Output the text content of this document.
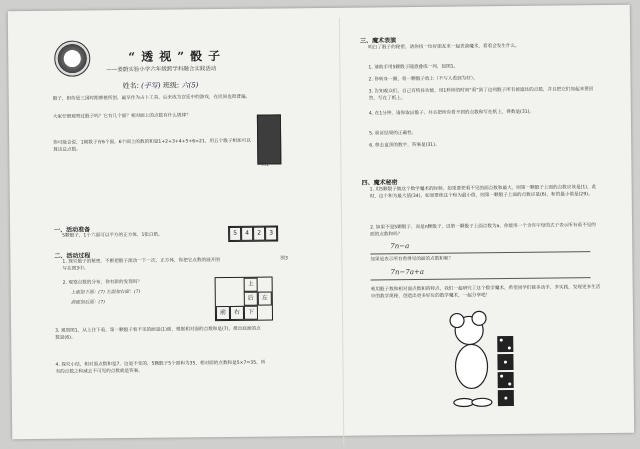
“透视”骰子
——姜蔚实验小学六年级跨学科融合实践活动
姓名: (手写) 班级: 六(5)
骰子，相传是三国时期曹植所创，最早作为占卜工具，后来成为宫廷中的游戏，在民间也很普遍。
大家仔细观察过骰子吗？它有几个面？相对面上的点数有什么规律？
图1
你可能会说，1朝数子有6个面，6个面上的数的和是1+2+3+4+5+6=21，用五个骰子相加可以算出总点数。
一、活动准备
5颗骰子，1个六面可以平方的正方体，1张白纸。	5	4	2	3
图3
二、活动过程
1. 探究骰子的秘密，不断把骰子滚动一下一次，正方体，你把它点数的展开图写在图3中。
2. 观察点数的分布，你有新的发现吗？
上面加下面：(7) 左面加右面：(7)
前面加后面：(7)
上
后	左
前	右	下
3. 观察图1，从上往下看，第一颗骰子看不见的面是(1)面，根据相对面的点数和是(7)，推出底面的点数是(6)。
4. 探究小结，相对面点数和是7，这是不变的，5颗骰子5个面和为35，相对面的点数和是5×7=35，所有的点数之和减去不可见的点数就是答案。
三、魔术表演
明白了骰子的秘密，请你找一位好朋友来一起表演魔术，看看会发生什么。
1. 请助手用5颗骰子随意叠成一列，如图1。
2. 你转身一圈，将一颗骰子放上（不与人看到为好）。
3. 告知观众们，自己有特异功能，用1秒钟的时间“看”到了这列骰子所有被遮住的点数，并且把它们加起来要回答，写在了纸上。
4. 在1分钟，请你取出骰子，并且把所有看不到的点数和写在纸上，得数是(31)。
5. 验证结果的正确性。
6. 移去盒顶的数字，答案是(31)。
四、魔术秘密
1. 用5颗骰子做这个数学魔术的时候，如果要使看不见的面点数和最大，则第一颗骰子上面的点数应该是(1)，此时，这个和为最大值(34)，如果要使这个和为最小值，则第一颗骰子上面的点数应是(6)，和的最小值是(29)。
2. 如果不是5颗骰子，而是n颗骰子，设第一颗骰子上面点数为a，你能用一个含有字母的式子表示所有看不见的面的点数和吗？
7n−a
加果是表示所有看得见的面的点数和呢？
7n−7a+a
利用骰子数和相对面点数和的特点，我们一起研究了这个数学魔术，希望同学们能多动手，多实践，发现更多生活中的数学奥秘，创造出更多好玩的数学魔术，一起分享吧！
